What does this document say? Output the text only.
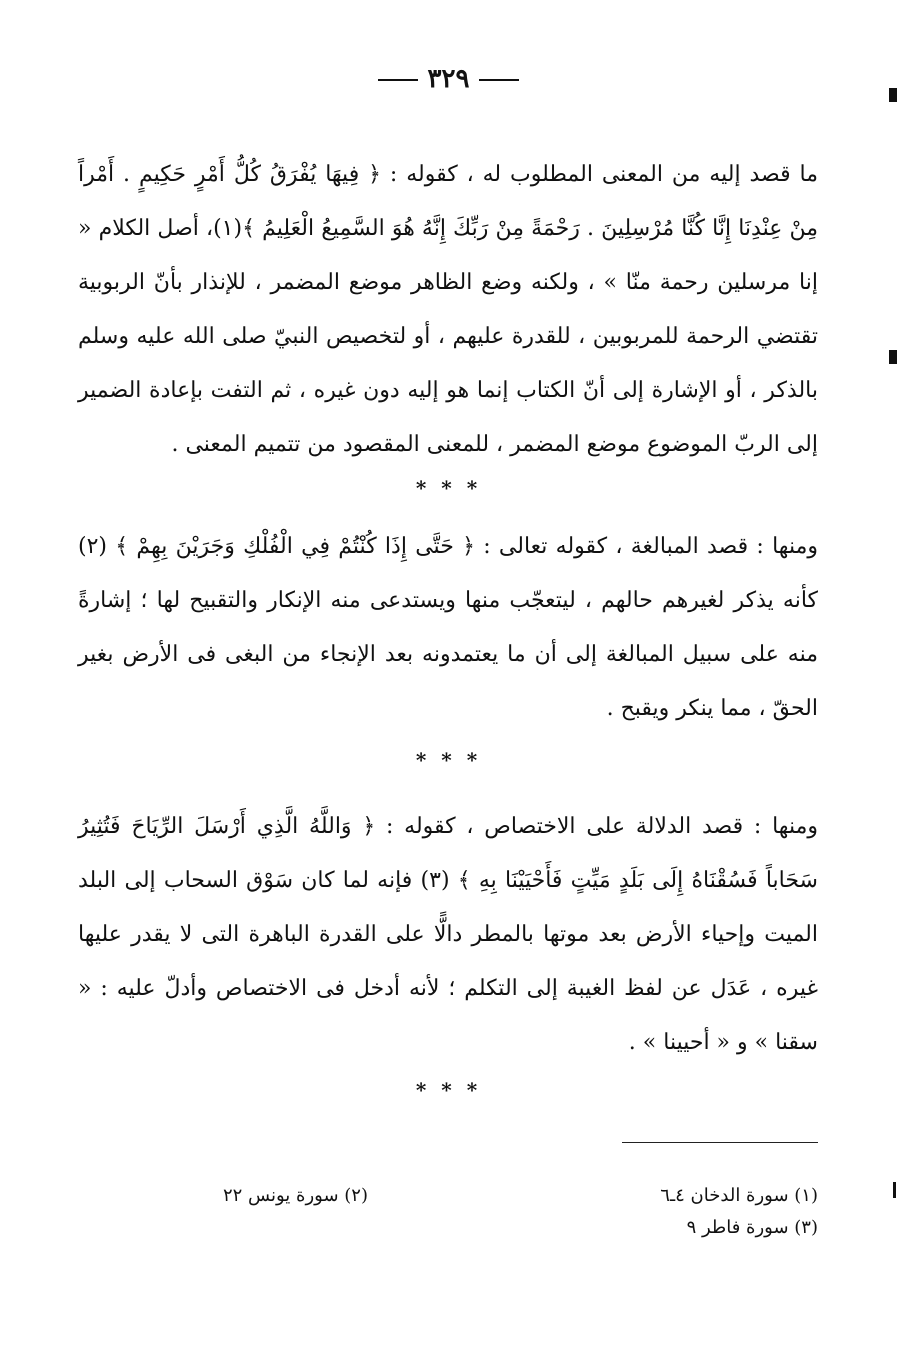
٣٢٩
ما قصد إليه من المعنى المطلوب له ، كقوله : ﴿ فِيهَا يُفْرَقُ كُلُّ أَمْرٍ حَكِيمٍ . أَمْراً مِنْ عِنْدِنَا إِنَّا كُنَّا مُرْسِلِينَ . رَحْمَةً مِنْ رَبِّكَ إِنَّهُ هُوَ السَّمِيعُ الْعَلِيمُ ﴾(١)، أصل الكلام « إنا مرسلين رحمة منّا » ، ولكنه وضع الظاهر موضع المضمر ، للإنذار بأنّ الربوبية تقتضي الرحمة للمربوبين ، للقدرة عليهم ، أو لتخصيص النبيّ صلى الله عليه وسلم بالذكر ، أو الإشارة إلى أنّ الكتاب إنما هو إليه دون غيره ، ثم التفت بإعادة الضمير إلى الربّ الموضوع موضع المضمر ، للمعنى المقصود من تتميم المعنى .
* * *
ومنها : قصد المبالغة ، كقوله تعالى : ﴿ حَتَّى إِذَا كُنْتُمْ فِي الْفُلْكِ وَجَرَيْنَ بِهِمْ ﴾ (٢) كأنه يذكر لغيرهم حالهم ، ليتعجّب منها ويستدعى منه الإنكار والتقبيح لها ؛ إشارةً منه على سبيل المبالغة إلى أن ما يعتمدونه بعد الإنجاء من البغى فى الأرض بغير الحقّ ، مما ينكر ويقبح .
* * *
ومنها : قصد الدلالة على الاختصاص ، كقوله : ﴿ وَاللَّهُ الَّذِي أَرْسَلَ الرِّيَاحَ فَتُثِيرُ سَحَاباً فَسُقْنَاهُ إِلَى بَلَدٍ مَيِّتٍ فَأَحْيَيْنَا بِهِ ﴾ (٣) فإنه لما كان سَوْق السحاب إلى البلد الميت وإحياء الأرض بعد موتها بالمطر دالًّا على القدرة الباهرة التى لا يقدر عليها غيره ، عَدَل عن لفظ الغيبة إلى التكلم ؛ لأنه أدخل فى الاختصاص وأدلّ عليه : « سقنا » و « أحيينا » .
* * *
(١) سورة الدخان ٤ـ٦
(٢) سورة يونس ٢٢
(٣) سورة فاطر ٩
